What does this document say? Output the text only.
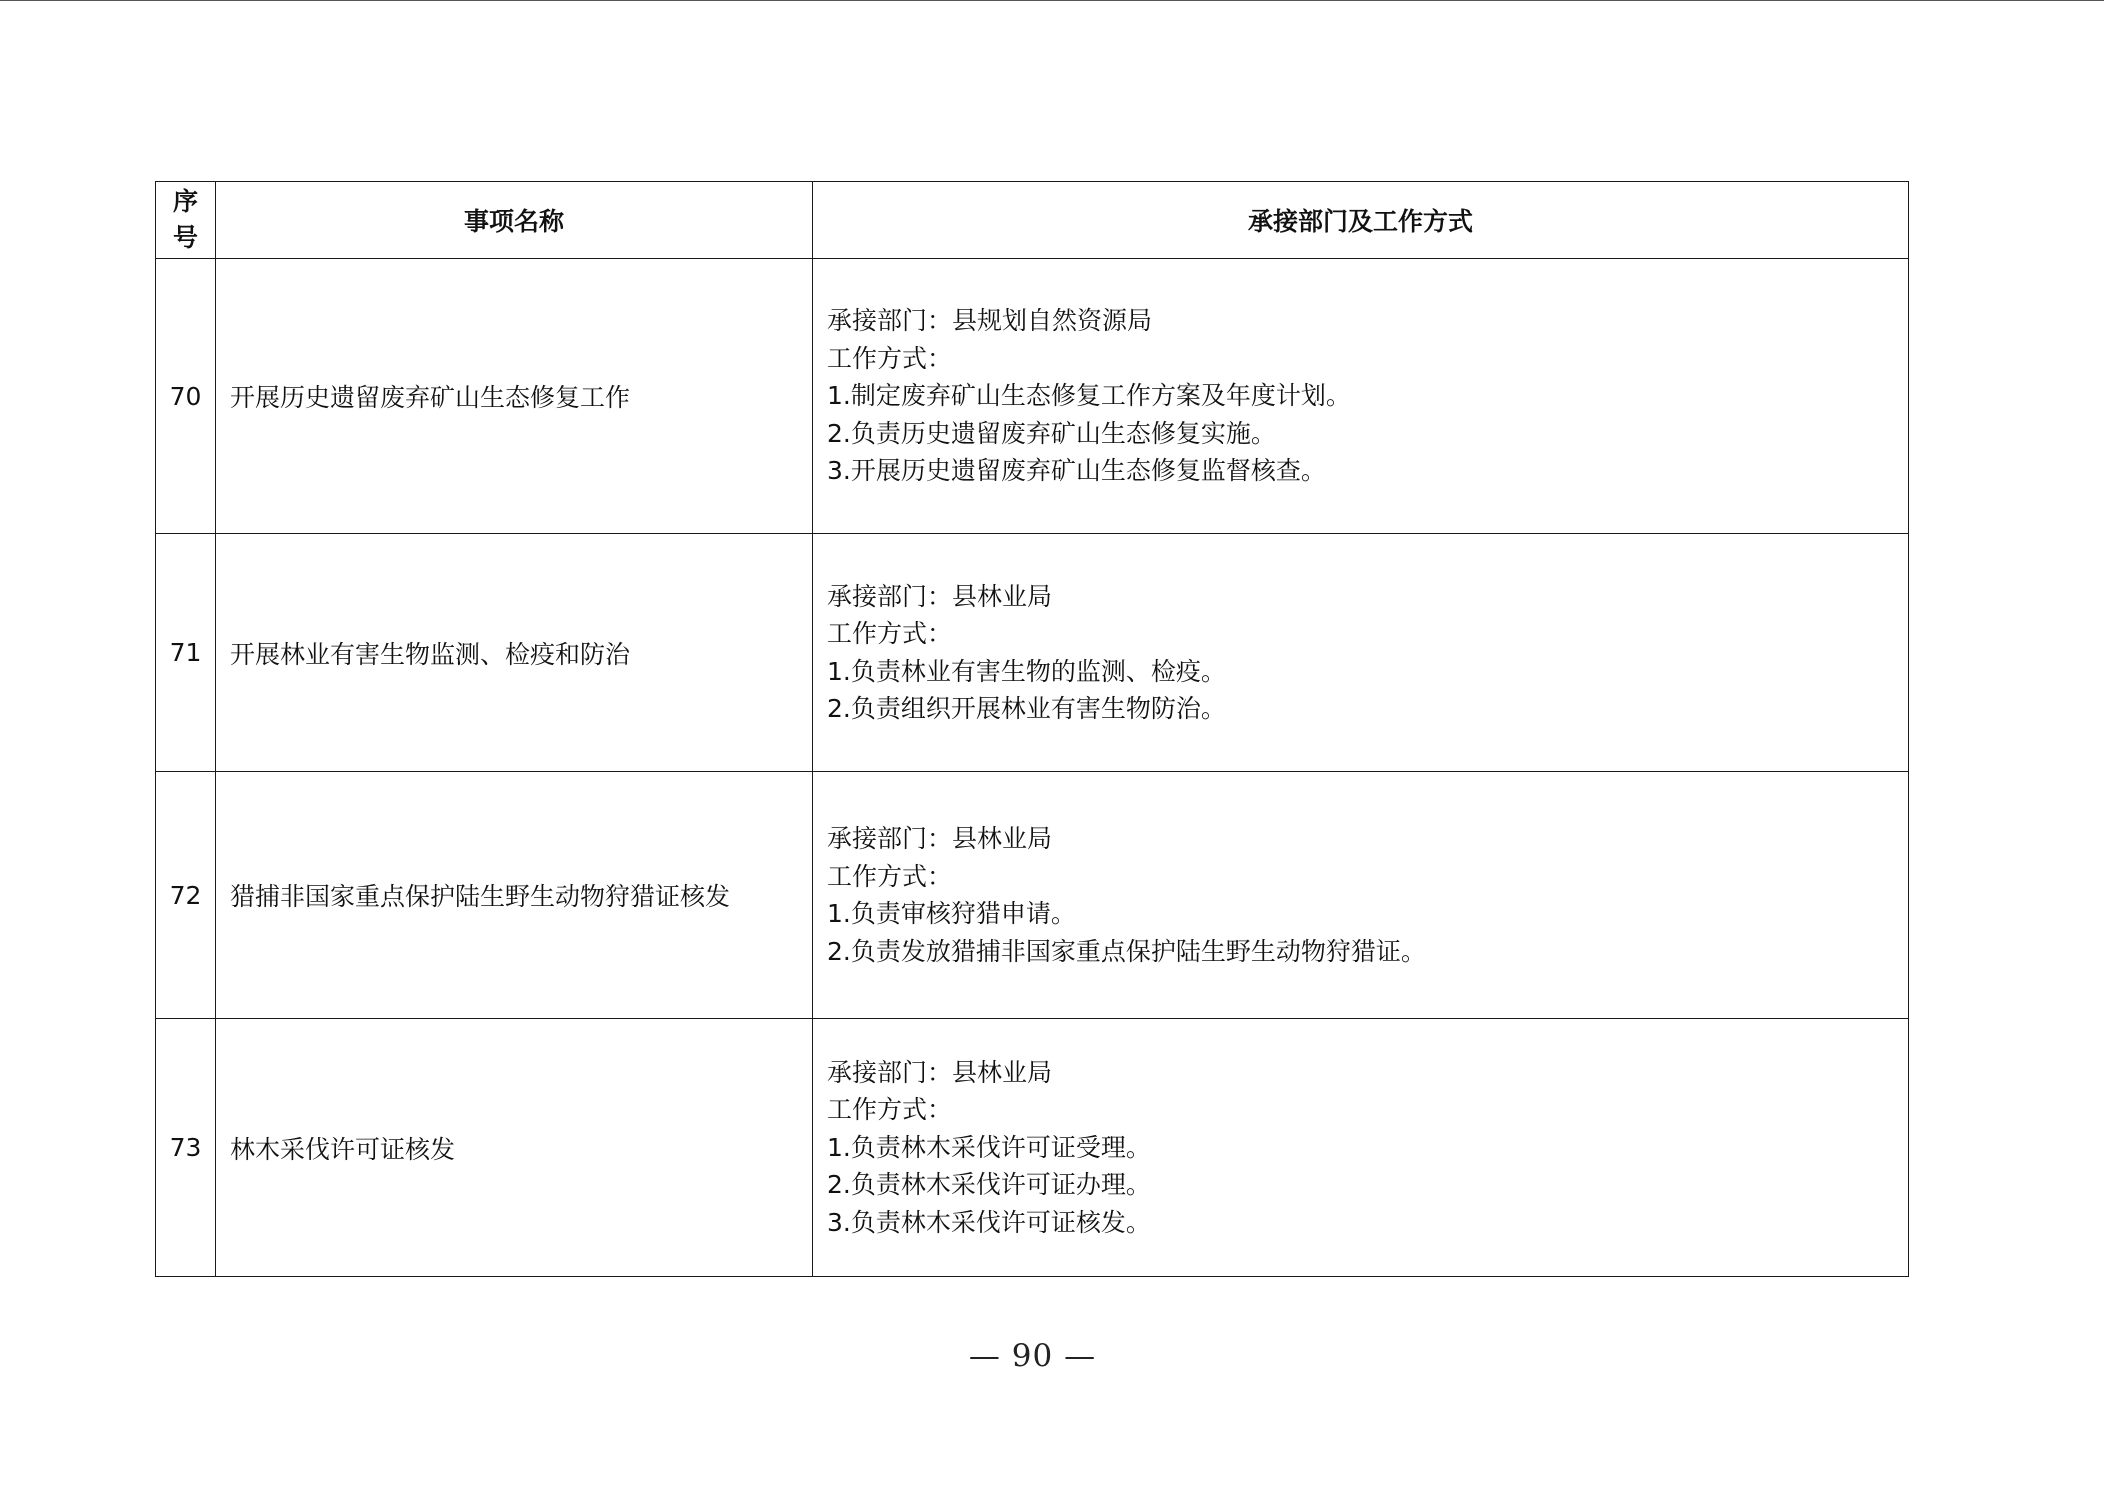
序
号	事项名称	承接部门及工作方式
70	开展历史遗留废弃矿山生态修复工作	承接部门：县规划自然资源局
工作方式：
1.制定废弃矿山生态修复工作方案及年度计划。
2.负责历史遗留废弃矿山生态修复实施。
3.开展历史遗留废弃矿山生态修复监督核查。

71	开展林业有害生物监测、检疫和防治	承接部门：县林业局
工作方式：
1.负责林业有害生物的监测、检疫。
2.负责组织开展林业有害生物防治。

72	猎捕非国家重点保护陆生野生动物狩猎证核发	承接部门：县林业局
工作方式：
1.负责审核狩猎申请。
2.负责发放猎捕非国家重点保护陆生野生动物狩猎证。

73	林木采伐许可证核发	承接部门：县林业局
工作方式：
1.负责林木采伐许可证受理。
2.负责林木采伐许可证办理。
3.负责林木采伐许可证核发。
— 90 —
